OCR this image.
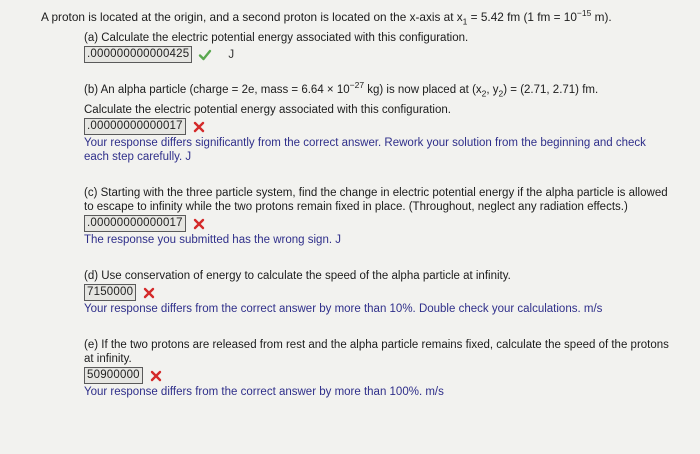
A proton is located at the origin, and a second proton is located on the x-axis at $x_1 = 5.42$ fm (1 fm = $10^{-15}$ m).

(a) Calculate the electric potential energy associated with this configuration.

.000000000000425	J

(b) An alpha particle (charge = 2e, mass = $6.64 \times 10^{-27}$ kg) is now placed at ($x_2$, $y_2) = (2.71$, 2.71) fm.

Calculate the electric potential energy associated with this configuration.

.00000000000017

Your response differs significantly from the correct answer. Rework your solution from the beginning and check each step carefully. J

(c) Starting with the three particle system, find the change in electric potential energy if the alpha particle is allowed to escape to infinity while the two protons remain fixed in place. (Throughout, neglect any radiation effects.)

.00000000000017

The response you submitted has the wrong sign. J

(d) Use conservation of energy to calculate the speed of the alpha particle at infinity.

7150000

Your response differs from the correct answer by more than 10%. Double check your calculations. m/s

(e) If the two protons are released from rest and the alpha particle remains fixed, calculate the speed of the protons at infinity.

50900000

Your response differs from the correct answer by more than 100%. m/s
